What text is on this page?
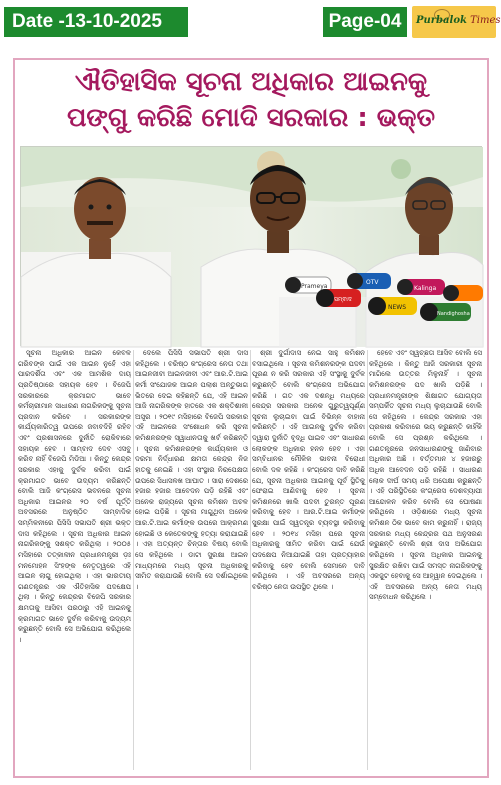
Date -13-10-2025	Page-04	Purbalok Times
ଐତିହାସିକ ସୂଚନା ଅଧିକାର ଆଇନକୁ
ପଙ୍ଗୁ କରିଛି ମୋଦି ସରକାର : ଭକ୍ତ
Prameya
ସମ୍ବାଦ
OTV
NEWS
Kalinga
Nandighosha
ସୂଚନା ଅଧିକାର ଆଇନ କେବଳ ଗରିବଙ୍କ ପାଇଁ ଏକ ଆଇନ ନୁହେଁ ଏହା ପାରଦର୍ଶିତା ଏବଂ ଏକ ଆମଶିକ ଦାୟ ପ୍ରତିଷ୍ଠାରେ ସହାୟକ ହେବ । ବିଜେପି ସରକାରରେ କ୍ରମାଗତ ଭାବେ କର୍ମଚାରୀମାନ ସାଧାରଣ ନାଗରିକଙ୍କୁ ସୂଚନା ପ୍ରଦାନ କରିବେ । ସରକାରଙ୍କ କାର୍ଯ୍ୟକାରିତ୍ୱ ଉପରେ ଜବାବଦିହି ରହିବ ଏବଂ ପ୍ରଶାସନରେ ଦୁର୍ନୀତି ରୋକିବାରେ ସହାୟକ ହେବ । ସାମ୍ବାଦ ଦେବ ଏସବୁ କରିବ ନାହିଁ ବିଜେପି ମିଡିଆ । କିନ୍ତୁ କେନ୍ଦ୍ର ସରକାର ଏହାକୁ ଦୁର୍ବଳ କରିବା ପାଇଁ କ୍ରମାଗତ ଭାବେ ଉଦ୍ୟମ କରିଛନ୍ତି ବୋଲି ଆଜି କଂଗ୍ରେସ ଭବନରେ ସୂଚନା ଅଧିକାର ଆଇନର ୨୦ ବର୍ଷ ପୂର୍ତ୍ତି ଅବସରରେ ଅନୁଷ୍ଠିତ ସାମ୍ବାଦିକ ସମ୍ମିଳନୀରେ ପିସିସି ସଭାପତି ଶ୍ରୀ ଭକ୍ତ ଦାସ କହିଥିଲେ । ସୂଚନା ଅଧିକାର ଆଇନ ନାଗରିକଙ୍କୁ ସଶକ୍ତ କରିଥିଲା । ୨୦୦୫ ମସିହାରେ ତତ୍କାଳୀନ ପ୍ରଧାନମନ୍ତ୍ରୀ ଡ଼ଃ ମନମୋହନ ସିଂହଙ୍କ ନେତୃତ୍ୱରେ ଏହି ଆଇନ ଲାଗୁ ହୋଇଥିଲା । ଏହା ଭାରତୀୟ ଗଣତନ୍ତ୍ରର ଏକ ଐତିହାସିକ ପଦକ୍ଷେପ ଥିଲା । କିନ୍ତୁ କେନ୍ଦ୍ରର ବିଜେପି ସରକାର କ୍ଷମତାକୁ ଆସିବା ପରଠାରୁ ଏହି ଆଇନକୁ କ୍ରମାଗତ ଭାବେ ଦୁର୍ବଳ କରିବାକୁ ଉଦ୍ୟମ କରୁଛନ୍ତି ବୋଲି ସେ ଅଭିଯୋଗ କରିଥିଲେ ।
ଦେଲେ ପିସିସି ସଭାପତି ଶ୍ରୀ ଦାସ କହିଥିଲେ । ବରିଷ୍ଠ କଂଗ୍ରେସ ନେତା ତଥା ଆଇନଜୀବୀ ଆଇନଜୀବୀ ଏବଂ ଆର.ଟି.ଆଇ କର୍ମୀ ସଂଯୋଜକ ଆଇନ ପଲାଶ ଅନ୍ତୁଭାଗ ଭିତରେ ଦେଇ କହିଛନ୍ତି ଯେ, ଏହି ଆଇନ ଆଜି ନାଗରିକଙ୍କ ହାତରେ ଏକ ଶକ୍ତିଶାଳୀ ଅସ୍ତ୍ର । ୨୦୧୯ ମସିହାରେ ବିଜେପି ସରକାର ଏହି ଆଇନରେ ସଂଶୋଧନ କରି ସୂଚନା କମିଶନରଙ୍କ ସ୍ୱାଧୀନତାକୁ ଖର୍ବ କରିଛନ୍ତି । ସୂଚନା କମିଶନରଙ୍କ କାର୍ଯ୍ୟକାଳ ଓ ଦରମା ନିର୍ଦ୍ଧାରଣ କ୍ଷମତା କେନ୍ଦ୍ର ନିଜ ହାତକୁ ନେଇଛି । ଏହା ସଂସ୍ଥାର ନିରପେକ୍ଷତା ଉପରେ ସିଧାସଳଖ ଆଘାତ । ସାରା ଦେଶରେ ହଜାର ହଜାର ଆବେଦନ ପଡ଼ି ରହିଛି ଏବଂ ଅନେକ ରାଜ୍ୟରେ ସୂଚନା କମିଶନ ଅଚଳ ହୋଇ ପଡ଼ିଛି । ସୂଚନା ମାଗୁଥିବା ଅନେକ ଆର.ଟି.ଆଇ କର୍ମୀଙ୍କ ଉପରେ ଆକ୍ରମଣ ହୋଇଛି ଓ କେତେକଙ୍କୁ ହତ୍ୟା କରାଯାଇଛି । ଏହା ଅତ୍ୟନ୍ତ ଚିନ୍ତାର ବିଷୟ ବୋଲି ସେ କହିଥିଲେ । ଡାଟା ସୁରକ୍ଷା ଆଇନ ମାଧ୍ୟମରେ ମଧ୍ୟ ସୂଚନା ଅଧିକାରକୁ ସୀମିତ କରାଯାଉଛି ବୋଲି ସେ ଦର୍ଶାଇଥିଲେ ।
ଶ୍ରୀ ଦୁର୍ଗାଦାସ ନେଇ ସାହୁ କମିଶନ ବସାଇଥିଲେ । ସୂଚନା କମିଶନରଙ୍କ ପଦବୀ ପୂରଣ ନ କରି ସରକାର ଏହି ସଂସ୍ଥାକୁ ଦୁର୍ବଳ କରୁଛନ୍ତି ବୋଲି କଂଗ୍ରେସ ଅଭିଯୋଗ କରିଛି । ଗତ ଏକ ଦଶନ୍ଧି ମଧ୍ୟରେ କେନ୍ଦ୍ର ସରକାର ଅନେକ ଗୁରୁତ୍ୱପୂର୍ଣ୍ଣ ସୂଚନା ଲୁଚାଇବା ପାଇଁ ବିଭିନ୍ନ ବାହାନା କରିଛନ୍ତି । ଏହି ଆଇନକୁ ଦୁର୍ବଳ କରିବା ଦ୍ୱାରା ଦୁର୍ନୀତି ବୃଦ୍ଧି ପାଇବ ଏବଂ ସାଧାରଣ ଲୋକଙ୍କ ଅଧିକାର ହନନ ହେବ । ଏହା ସମ୍ବିଧାନର ମୌଳିକ ଭାବନା ବିରୋଧୀ ବୋଲି ଦଳ କହିଛି । କଂଗ୍ରେସ ଦାବି କରିଛି ଯେ, ସୂଚନା ଅଧିକାର ଆଇନକୁ ପୂର୍ବ ସ୍ଥିତିକୁ ଫେରାଇ ଆଣିବାକୁ ହେବ । ସୂଚନା କମିଶନରେ ଖାଲି ପଦବୀ ତୁରନ୍ତ ପୂରଣ କରିବାକୁ ହେବ । ଆର.ଟି.ଆଇ କର୍ମୀଙ୍କ ସୁରକ୍ଷା ପାଇଁ ସ୍ୱତନ୍ତ୍ର ବ୍ୟବସ୍ଥା କରିବାକୁ ହେବ । ୨୦୧୪ ମସିହା ପରେ ସୂଚନା ଅଧିକାରକୁ ସୀମିତ କରିବା ପାଇଁ ଯେଉଁ ପଦକ୍ଷେପ ନିଆଯାଇଛି ତାହା ପ୍ରତ୍ୟାହାର କରିବାକୁ ହେବ ବୋଲି ସେମାନେ ଦାବି କରିଥିଲେ । ଏହି ଅବସରରେ ଅନ୍ୟ ବରିଷ୍ଠ ନେତା ଉପସ୍ଥିତ ଥିଲେ ।
ହେବେ ଏବଂ ସ୍ୱଚ୍ଛତା ଆସିବ ବୋଲି ସେ କହିଥିଲେ । କିନ୍ତୁ ଆଜି ସରକାରୀ ସୂଚନା ମାଗିଲେ ଉତ୍ତର ମିଳୁନାହିଁ । ସୂଚନା କମିଶନରଙ୍କ ପଦ ଖାଲି ପଡ଼ିଛି । ପ୍ରଧାନମନ୍ତ୍ରୀଙ୍କ ଶିକ୍ଷାଗତ ଯୋଗ୍ୟତା ସମ୍ପର୍କିତ ସୂଚନା ମଧ୍ୟ ଲୁଚାଯାଉଛି ବୋଲି ସେ କହିଥିଲେ । କେନ୍ଦ୍ର ସରକାର ଏହା ପ୍ରକାଶ କରିବାରେ ଭୟ କରୁଛନ୍ତି କାହିଁକି ବୋଲି ସେ ପ୍ରଶ୍ନ କରିଥିଲେ । ଗଣତନ୍ତ୍ରରେ ଜନସାଧାରଣଙ୍କୁ ଜାଣିବାର ଅଧିକାର ଅଛି । ବର୍ତ୍ତମାନ ୪ ହଜାରରୁ ଅଧିକ ଆବେଦନ ପଡ଼ି ରହିଛି । ସାଧାରଣ ଲୋକ ଦୀର୍ଘ ସମୟ ଧରି ଅପେକ୍ଷା କରୁଛନ୍ତି । ଏହି ପରିସ୍ଥିତିରେ କଂଗ୍ରେସ ଦେଶବ୍ୟାପୀ ଆନ୍ଦୋଳନ କରିବ ବୋଲି ସେ ଘୋଷଣା କରିଥିଲେ । ଓଡ଼ିଶାରେ ମଧ୍ୟ ସୂଚନା କମିଶନ ଠିକ ଭାବେ କାମ କରୁନାହିଁ । ରାଜ୍ୟ ସରକାର ମଧ୍ୟ କେନ୍ଦ୍ରର ପଥ ଅନୁସରଣ କରୁଛନ୍ତି ବୋଲି ଶ୍ରୀ ଦାସ ଅଭିଯୋଗ କରିଥିଲେ । ସୂଚନା ଅଧିକାର ଆଇନକୁ ସୁରକ୍ଷିତ ରଖିବା ପାଇଁ ସମସ୍ତ ନାଗରିକଙ୍କୁ ଏକଜୁଟ ହେବାକୁ ସେ ଆହ୍ୱାନ ଦେଇଥିଲେ । ଏହି ଅବସରରେ ଅନ୍ୟ ନେତା ମଧ୍ୟ ସମ୍ବୋଧନ କରିଥିଲେ ।
